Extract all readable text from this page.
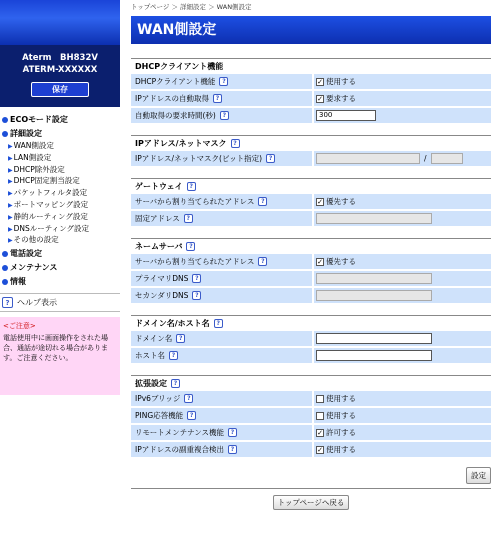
Aterm　BH832V
ATERM-XXXXXX
保存
ECOモード設定
詳細設定
▶WAN側設定
▶LAN側設定
▶DHCP除外設定
▶DHCP固定割当設定
▶パケットフィルタ設定
▶ポートマッピング設定
▶静的ルーティング設定
▶DNSルーティング設定
▶その他の設定
電話設定
メンテナンス
情報
? ヘルプ表示
<ご注意>
電話使用中に画面操作をされた場合、通話が途切れる場合があります。ご注意ください。
トップページ ＞ 詳細設定 ＞ WAN側設定
WAN側設定
DHCPクライアント機能
DHCPクライアント機能	?	✓ 使用する
IPアドレスの自動取得	?	✓ 要求する
自動取得の要求時間(秒)	?	300
IPアドレス/ネットマスク	?
IPアドレス/ネットマスク(ビット指定)	?	/
ゲートウェイ	?
サーバから割り当てられたアドレス	?	✓ 優先する
固定アドレス	?
ネームサーバ	?
サーバから割り当てられたアドレス	?	✓ 優先する
プライマリDNS	?
セカンダリDNS	?
ドメイン名/ホスト名	?
ドメイン名	?
ホスト名	?
拡張設定	?
IPv6ブリッジ	?	使用する
PING応答機能	?	使用する
リモートメンテナンス機能	?	✓ 許可する
IPアドレスの副重複合検出	?	✓ 使用する
設定
トップページへ戻る
